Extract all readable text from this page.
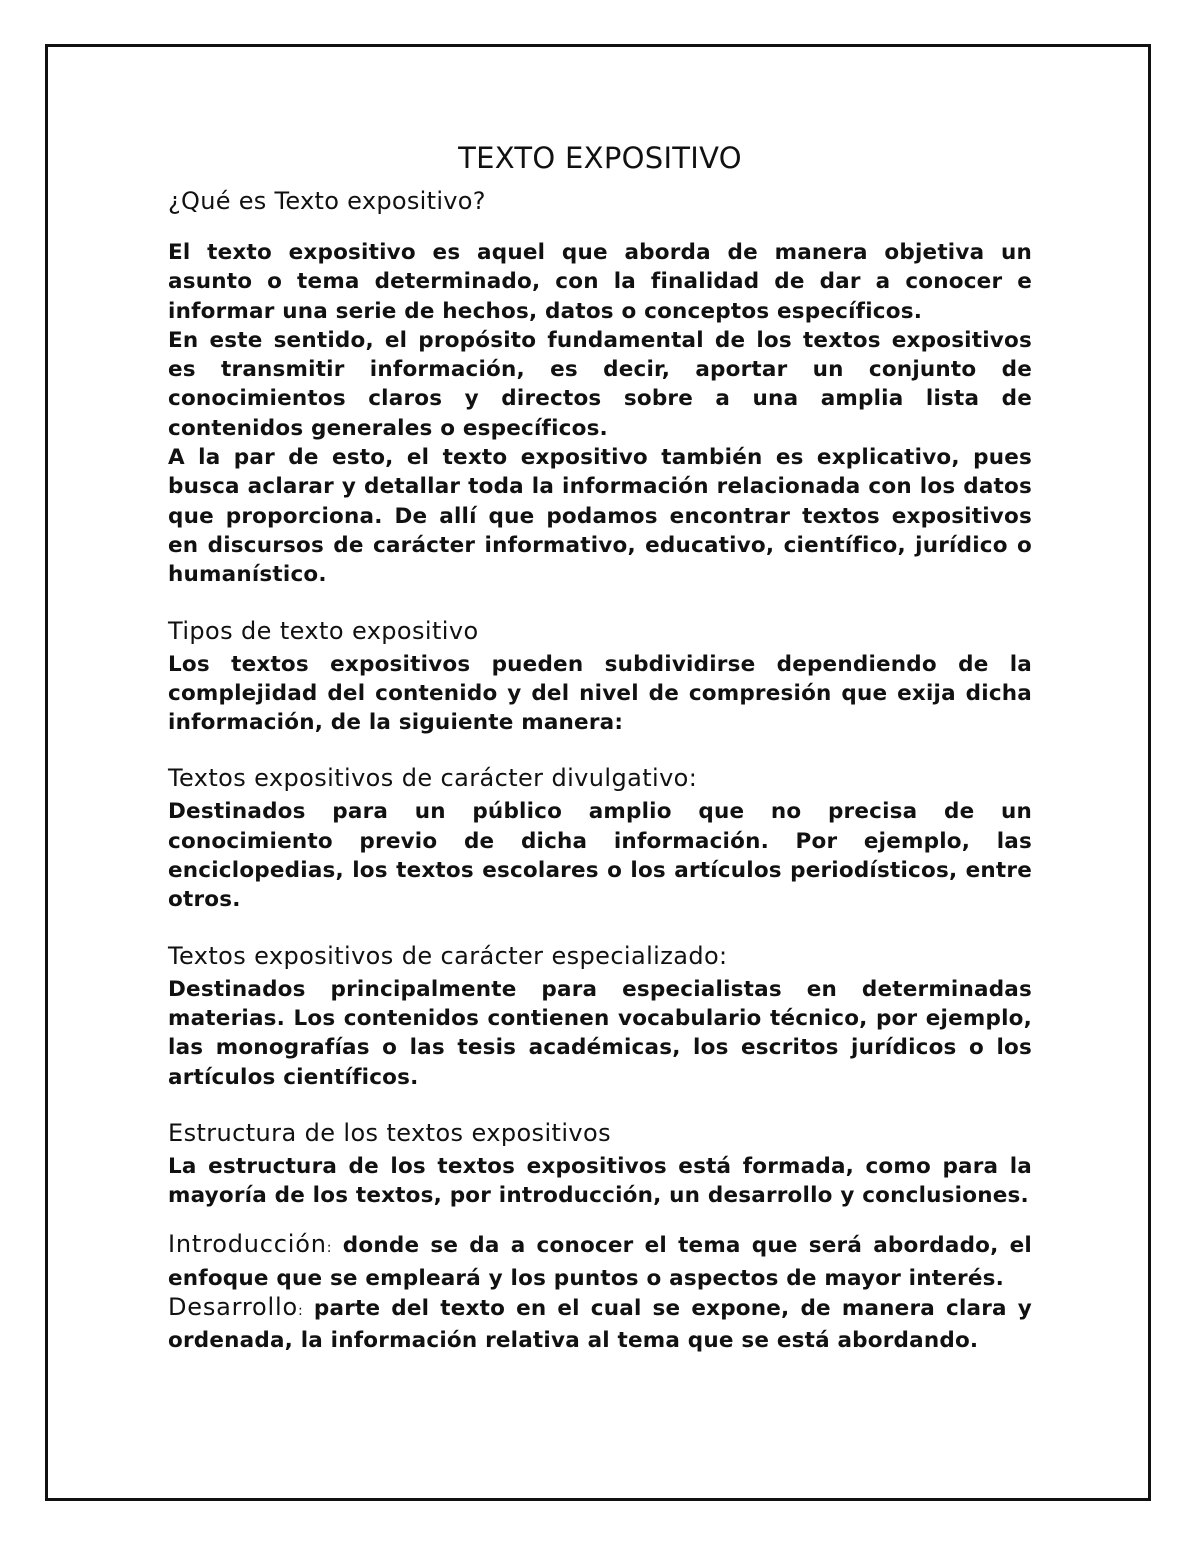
TEXTO EXPOSITIVO
¿Qué es Texto expositivo?

El texto expositivo es aquel que aborda de manera objetiva un asunto o tema determinado, con la finalidad de dar a conocer e informar una serie de hechos, datos o conceptos específicos.

En este sentido, el propósito fundamental de los textos expositivos es transmitir información, es decir, aportar un conjunto de conocimientos claros y directos sobre a una amplia lista de contenidos generales o específicos.

A la par de esto, el texto expositivo también es explicativo, pues busca aclarar y detallar toda la información relacionada con los datos que proporciona. De allí que podamos encontrar textos expositivos en discursos de carácter informativo, educativo, científico, jurídico o humanístico.

Tipos de texto expositivo

Los textos expositivos pueden subdividirse dependiendo de la complejidad del contenido y del nivel de compresión que exija dicha información, de la siguiente manera:

Textos expositivos de carácter divulgativo:

Destinados para un público amplio que no precisa de un conocimiento previo de dicha información. Por ejemplo, las enciclopedias, los textos escolares o los artículos periodísticos, entre otros.

Textos expositivos de carácter especializado:

Destinados principalmente para especialistas en determinadas materias. Los contenidos contienen vocabulario técnico, por ejemplo, las monografías o las tesis académicas, los escritos jurídicos o los artículos científicos.

Estructura de los textos expositivos

La estructura de los textos expositivos está formada, como para la mayoría de los textos, por introducción, un desarrollo y conclusiones.

Introducción: donde se da a conocer el tema que será abordado, el enfoque que se empleará y los puntos o aspectos de mayor interés.

Desarrollo: parte del texto en el cual se expone, de manera clara y ordenada, la información relativa al tema que se está abordando.
